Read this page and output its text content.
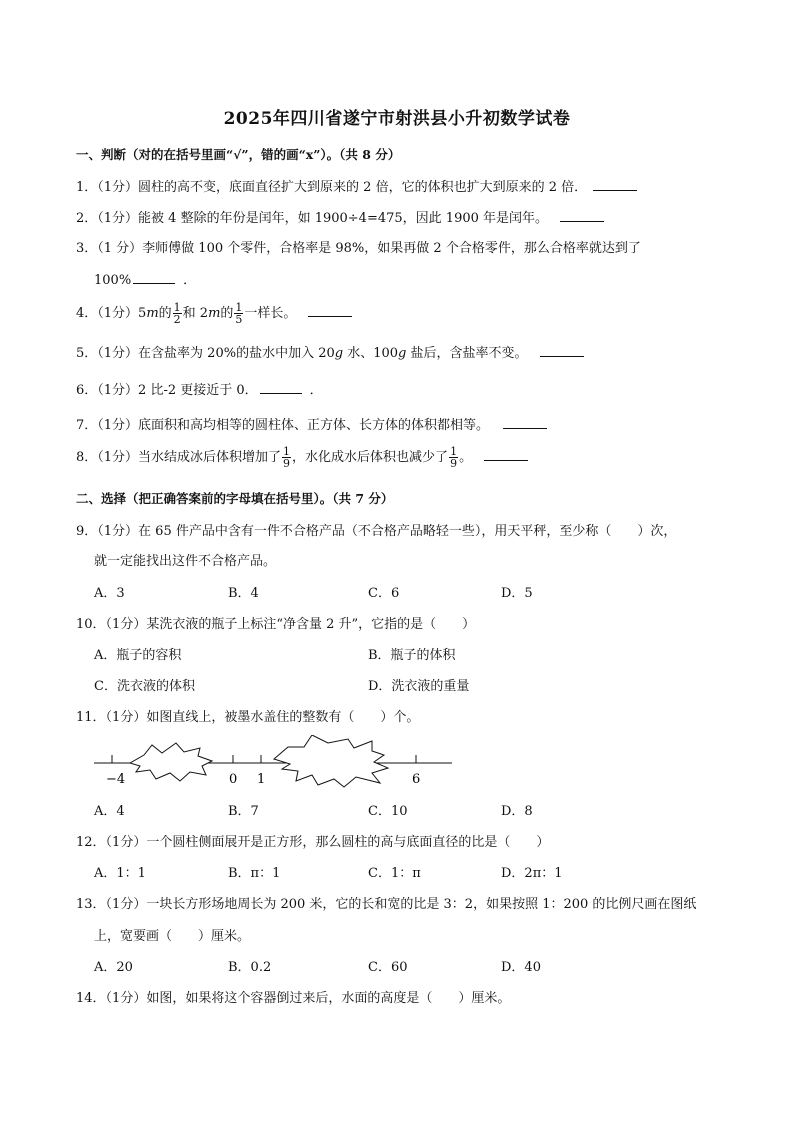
2025年四川省遂宁市射洪县小升初数学试卷
一、判断（对的在括号里画“√”，错的画“x”）。（共 8 分）
1．（1分）圆柱的高不变，底面直径扩大到原来的 2 倍，它的体积也扩大到原来的 2 倍．
2．（1分）能被 4 整除的年份是闰年，如 1900÷4=475，因此 1900 年是闰年。
3．（1 分）李师傅做 100 个零件，合格率是 98%，如果再做 2 个合格零件，那么合格率就达到了
100%	．
4．（1分）5m的 $\frac{1}{2}$ 和 2m的 $\frac{1}{5}$ 一样长。
5．（1分）在含盐率为 20%的盐水中加入 20g 水、100g 盐后，含盐率不变。
6．（1分）2 比-2 更接近于 0．	．
7．（1分）底面积和高均相等的圆柱体、正方体、长方体的体积都相等。
8．（1分）当水结成冰后体积增加了 $\frac{1}{9}$ ，水化成水后体积也减少了 $\frac{1}{9}$ 。
二、选择（把正确答案前的字母填在括号里）。（共 7 分）
9．（1分）在 65 件产品中含有一件不合格产品（不合格产品略轻一些），用天平秤，至少称（　　）次，
就一定能找出这件不合格产品。
A．3	B．4	C．6	D．5
10．（1分）某洗衣液的瓶子上标注“净含量 2 升”，它指的是（　　）
A．瓶子的容积	B．瓶子的体积
C．洗衣液的体积	D．洗衣液的重量
11．（1分）如图直线上，被墨水盖住的整数有（　　）个。
−4	0 1	6
A．4	B．7	C．10	D．8
12．（1分）一个圆柱侧面展开是正方形，那么圆柱的高与底面直径的比是（　　）
A．1：1	B．π：1	C．1：π	D．2π：1
13．（1分）一块长方形场地周长为 200 米，它的长和宽的比是 3：2，如果按照 1：200 的比例尺画在图纸
上，宽要画（　　）厘米。
A．20	B．0.2	C．60	D．40
14．（1分）如图，如果将这个容器倒过来后，水面的高度是（　　）厘米。
